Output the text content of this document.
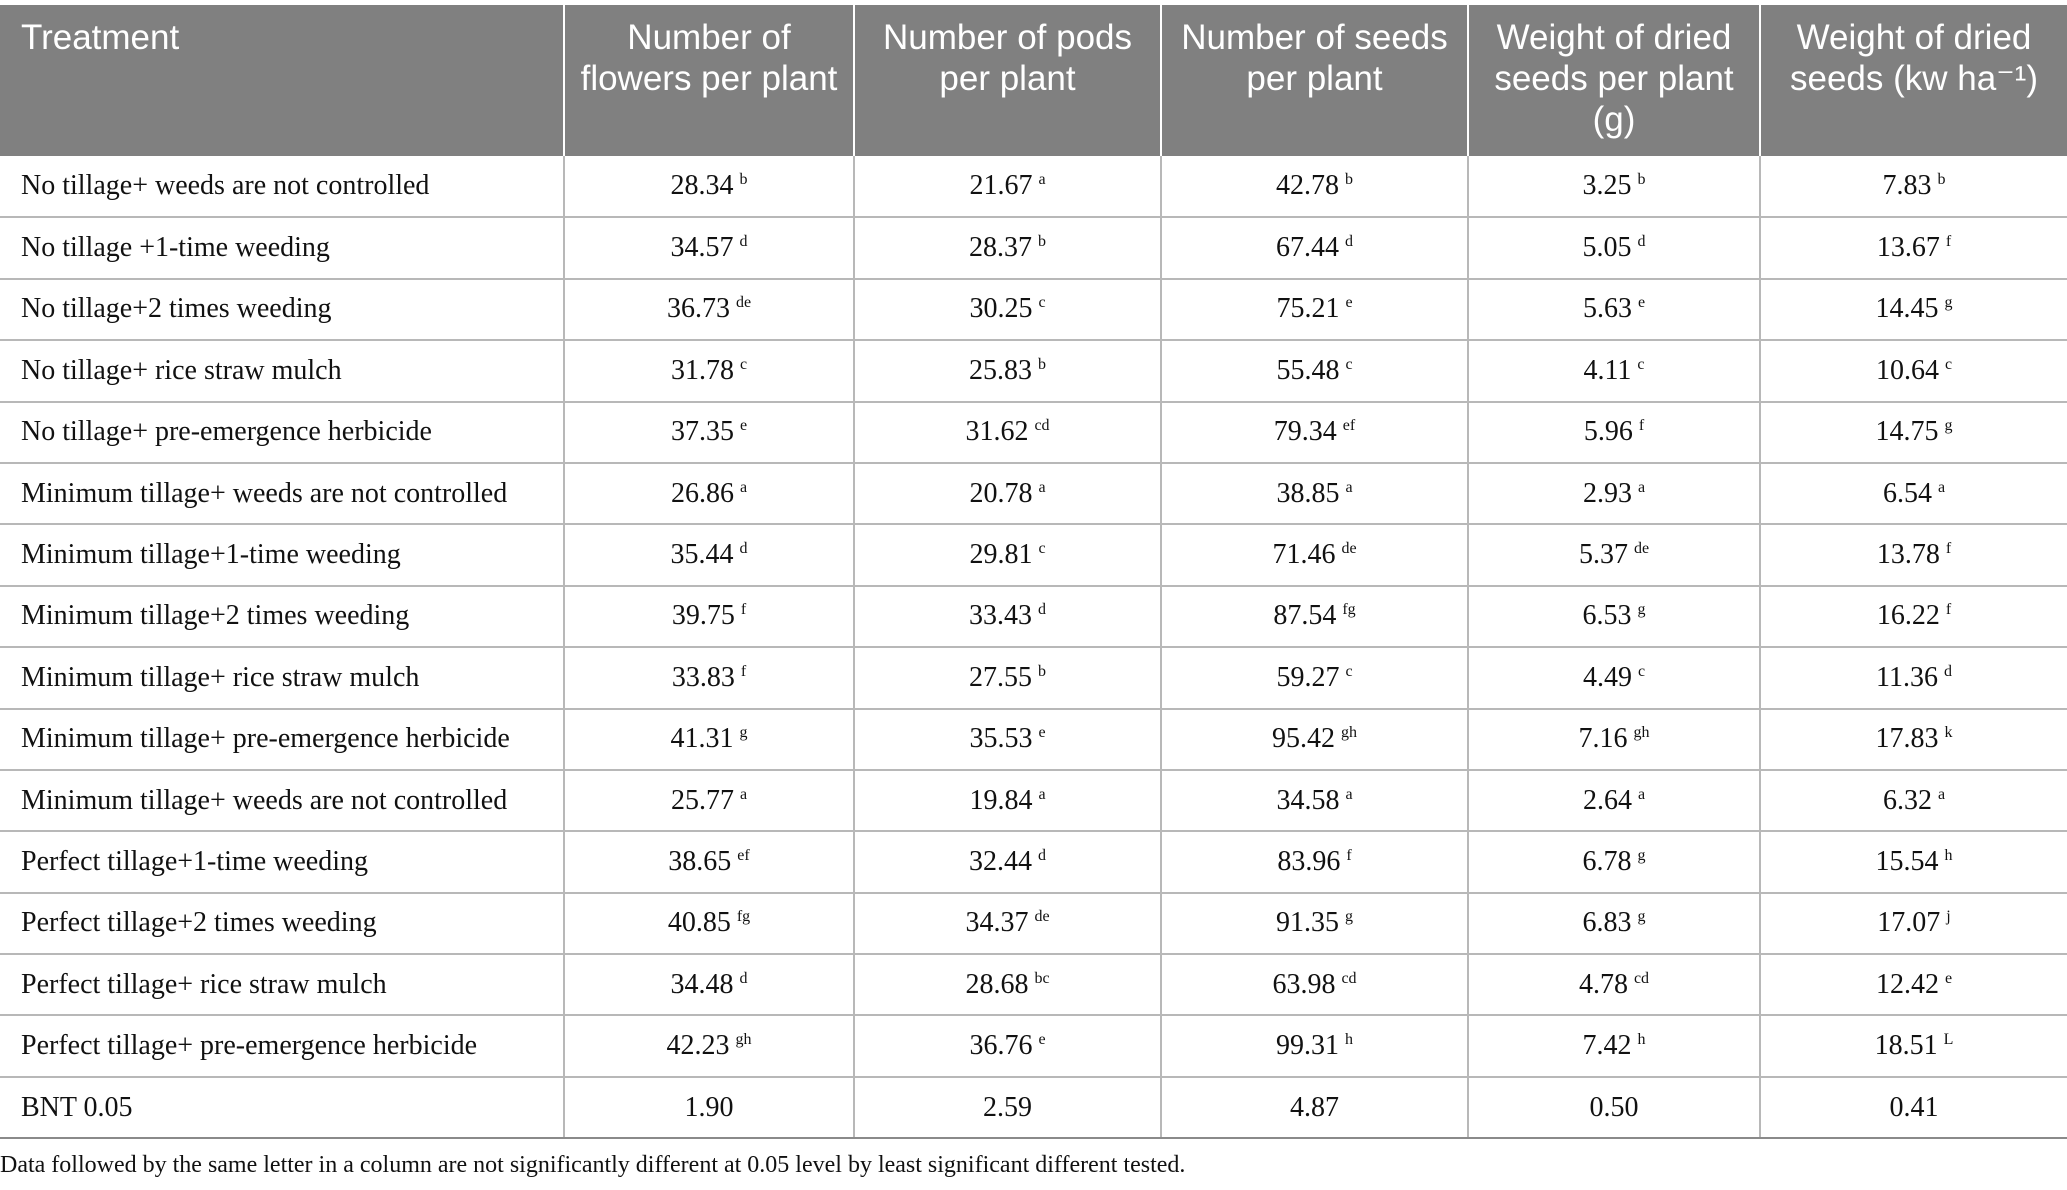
Treatment	Number of flowers per plant	Number of pods per plant	Number of seeds per plant	Weight of dried seeds per plant (g)	Weight of dried seeds (kw ha⁻¹)
No tillage+ weeds are not controlled	28.34 $^b$	21.67 $^a$	42.78 $^b$	3.25 $^b$	7.83 $^b$
No tillage +1-time weeding	34.57 $^d$	28.37 $^b$	67.44 $^d$	5.05 $^d$	13.67 $^f$
No tillage+2 times weeding	36.73 $^{de}$	30.25 $^c$	75.21 $^e$	5.63 $^e$	14.45 $^g$
No tillage+ rice straw mulch	31.78 $^c$	25.83 $^b$	55.48 $^c$	4.11 $^c$	10.64 $^c$
No tillage+ pre-emergence herbicide	37.35 $^e$	31.62 $^{cd}$	79.34 $^{ef}$	5.96 $^f$	14.75 $^g$
Minimum tillage+ weeds are not controlled	26.86 $^a$	20.78 $^a$	38.85 $^a$	2.93 $^a$	6.54 $^a$
Minimum tillage+1-time weeding	35.44 $^d$	29.81 $^c$	71.46 $^{de}$	5.37 $^{de}$	13.78 $^f$
Minimum tillage+2 times weeding	39.75 $^f$	33.43 $^d$	87.54 $^{fg}$	6.53 $^g$	16.22 $^f$
Minimum tillage+ rice straw mulch	33.83 $^f$	27.55 $^b$	59.27 $^c$	4.49 $^c$	11.36 $^d$
Minimum tillage+ pre-emergence herbicide	41.31 $^g$	35.53 $^e$	95.42 $^{gh}$	7.16 $^{gh}$	17.83 $^k$
Minimum tillage+ weeds are not controlled	25.77 $^a$	19.84 $^a$	34.58 $^a$	2.64 $^a$	6.32 $^a$
Perfect tillage+1-time weeding	38.65 $^{ef}$	32.44 $^d$	83.96 $^f$	6.78 $^g$	15.54 $^h$
Perfect tillage+2 times weeding	40.85 $^{fg}$	34.37 $^{de}$	91.35 $^g$	6.83 $^g$	17.07 $^j$
Perfect tillage+ rice straw mulch	34.48 $^d$	28.68 $^{bc}$	63.98 $^{cd}$	4.78 $^{cd}$	12.42 $^e$
Perfect tillage+ pre-emergence herbicide	42.23 $^{gh}$	36.76 $^e$	99.31 $^h$	7.42 $^h$	18.51 $^L$
BNT 0.05	1.90	2.59	4.87	0.50	0.41
Data followed by the same letter in a column are not significantly different at 0.05 level by least significant different tested.
